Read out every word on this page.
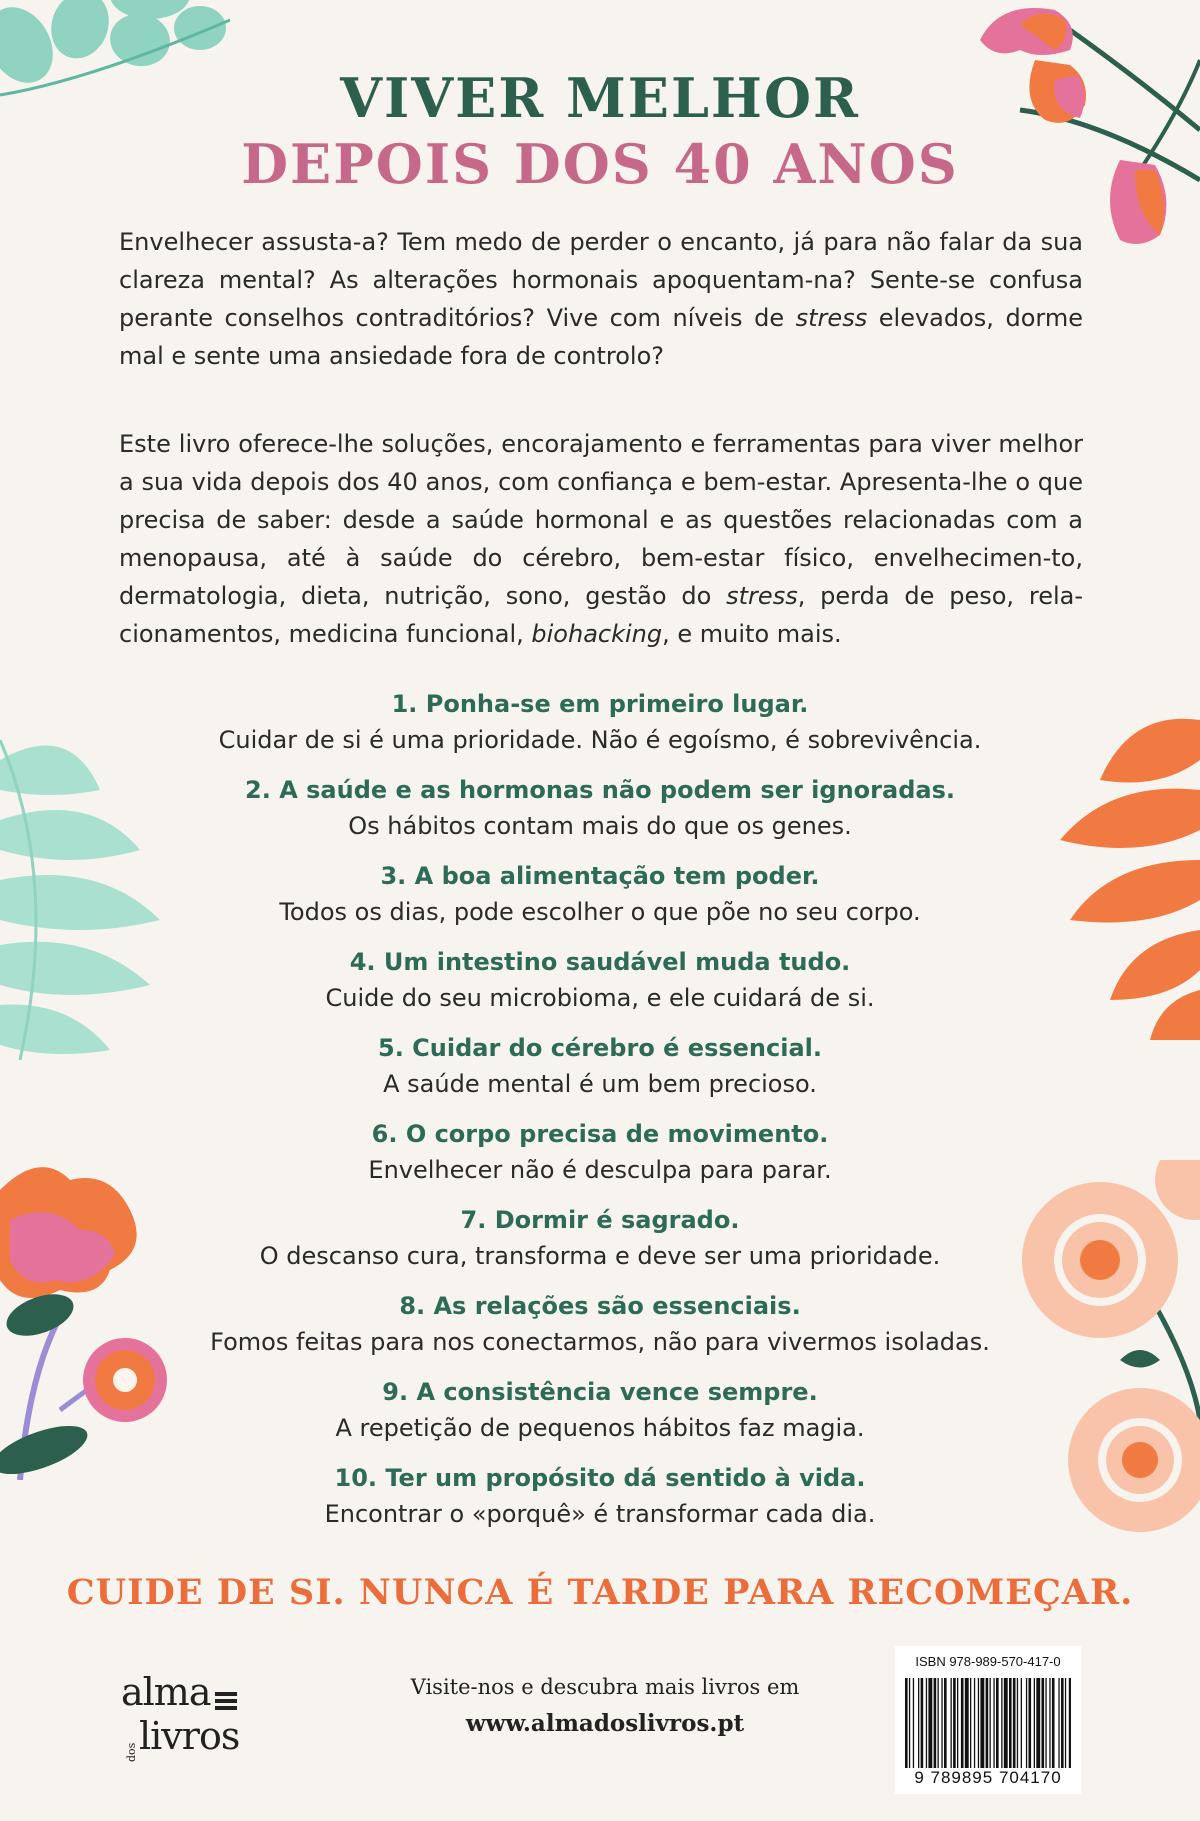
VIVER MELHOR
DEPOIS DOS 40 ANOS

Envelhecer assusta-a? Tem medo de perder o encanto, já para não falar da sua clareza mental? As alterações hormonais apoquentam-na? Sente-se confusa perante conselhos contraditórios? Vive com níveis de stress elevados, dorme mal e sente uma ansiedade fora de controlo?

Este livro oferece-lhe soluções, encorajamento e ferramentas para viver melhor a sua vida depois dos 40 anos, com confiança e bem-estar. Apresenta-lhe o que precisa de saber: desde a saúde hormonal e as questões relacionadas com a menopausa, até à saúde do cérebro, bem-estar físico, envelhecimen-to, dermatologia, dieta, nutrição, sono, gestão do stress, perda de peso, rela-cionamentos, medicina funcional, biohacking, e muito mais.

1. Ponha-se em primeiro lugar.
Cuidar de si é uma prioridade. Não é egoísmo, é sobrevivência.
2. A saúde e as hormonas não podem ser ignoradas.
Os hábitos contam mais do que os genes.
3. A boa alimentação tem poder.
Todos os dias, pode escolher o que põe no seu corpo.
4. Um intestino saudável muda tudo.
Cuide do seu microbioma, e ele cuidará de si.
5. Cuidar do cérebro é essencial.
A saúde mental é um bem precioso.
6. O corpo precisa de movimento.
Envelhecer não é desculpa para parar.
7. Dormir é sagrado.
O descanso cura, transforma e deve ser uma prioridade.
8. As relações são essenciais.
Fomos feitas para nos conectarmos, não para vivermos isoladas.
9. A consistência vence sempre.
A repetição de pequenos hábitos faz magia.
10. Ter um propósito dá sentido à vida.
Encontrar o «porquê» é transformar cada dia.
CUIDE DE SI. NUNCA É TARDE PARA RECOMEÇAR.
alma
dos livros
Visite-nos e descubra mais livros em
www.almadoslivros.pt
ISBN 978-989-570-417-0
9 789895 704170
